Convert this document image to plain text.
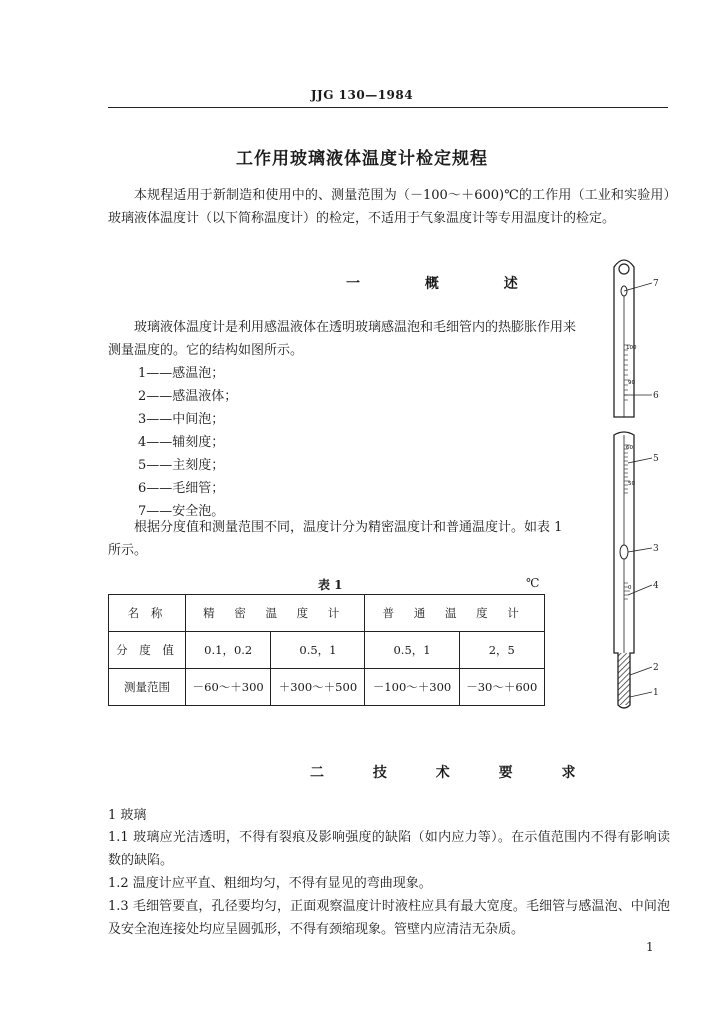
JJG 130—1984
工作用玻璃液体温度计检定规程
本规程适用于新制造和使用中的、测量范围为（－100～＋600)℃的工作用（工业和实验用）玻璃液体温度计（以下简称温度计）的检定，不适用于气象温度计等专用温度计的检定。
一 概 述
玻璃液体温度计是利用感温液体在透明玻璃感温泡和毛细管内的热膨胀作用来测量温度的。它的结构如图所示。
1——感温泡；
2——感温液体；
3——中间泡；
4——辅刻度；
5——主刻度；
6——毛细管；
7——安全泡。
根据分度值和测量范围不同，温度计分为精密温度计和普通温度计。如表 1 所示。
表 1	℃
名 称	精 密 温 度 计		普 通 温 度 计	
分 度 值	0.1，0.2	0.5，1	0.5，1	2，5
测量范围	－60～＋300	＋300～＋500	－100～＋300	－30～＋600
100
90
60
50
0
7
6
5
3
4
2
1
二 技 术 要 求
1 玻璃
1.1 玻璃应光洁透明，不得有裂痕及影响强度的缺陷（如内应力等）。在示值范围内不得有影响读数的缺陷。
1.2 温度计应平直、粗细均匀，不得有显见的弯曲现象。
1.3 毛细管要直，孔径要均匀，正面观察温度计时液柱应具有最大宽度。毛细管与感温泡、中间泡及安全泡连接处均应呈圆弧形，不得有颈缩现象。管壁内应清洁无杂质。
1
